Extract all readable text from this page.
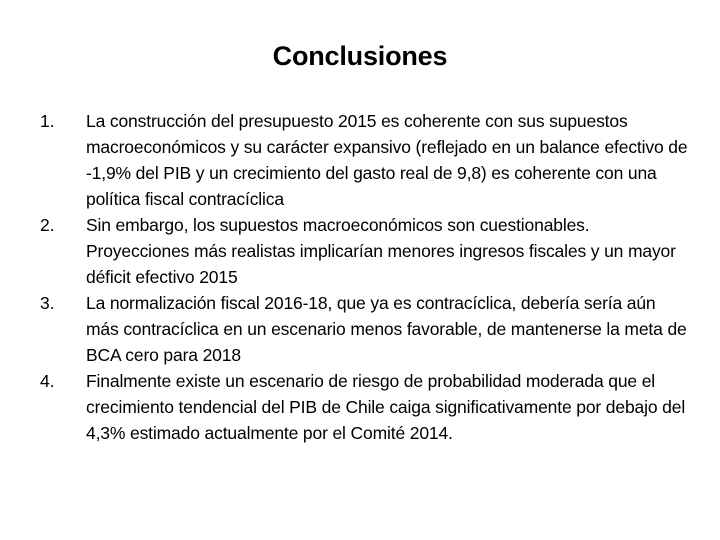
Conclusiones
1.	La construcción del presupuesto 2015 es coherente con sus supuestos macroeconómicos y su carácter expansivo (reflejado en un balance efectivo de -1,9% del PIB y un crecimiento del gasto real de 9,8) es coherente con una política fiscal contracíclica
2.	Sin embargo, los supuestos macroeconómicos son cuestionables. Proyecciones más realistas implicarían menores ingresos fiscales y un mayor déficit efectivo 2015
3.	La normalización fiscal 2016-18, que ya es contracíclica, debería sería aún más contracíclica en un escenario menos favorable, de mantenerse la meta de BCA cero para 2018
4.	Finalmente existe un escenario de riesgo de probabilidad moderada que el crecimiento tendencial del PIB de Chile caiga significativamente por debajo del 4,3% estimado actualmente por el Comité 2014.
